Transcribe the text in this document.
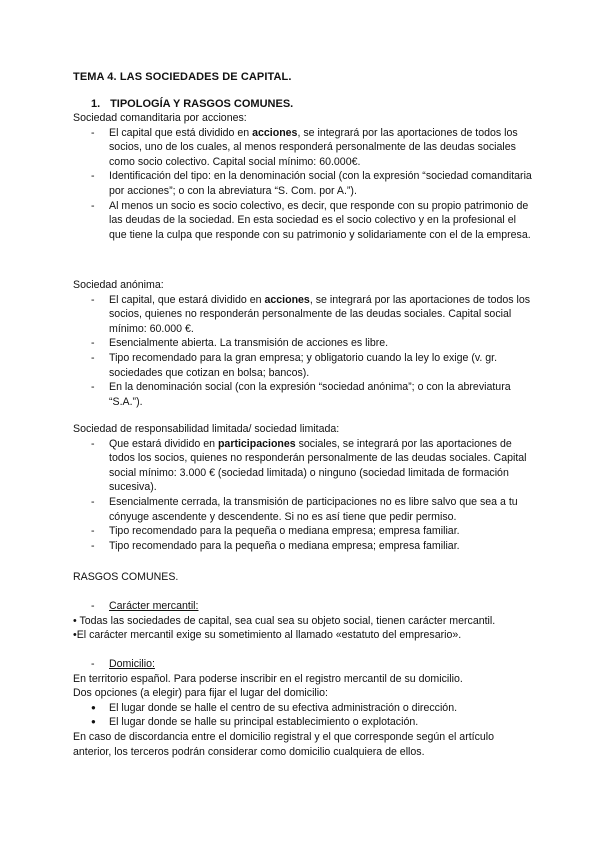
TEMA 4. LAS SOCIEDADES DE CAPITAL.
1. TIPOLOGÍA Y RASGOS COMUNES.
Sociedad comanditaria por acciones:
- El capital que está dividido en acciones, se integrará por las aportaciones de todos los socios, uno de los cuales, al menos responderá personalmente de las deudas sociales como socio colectivo. Capital social mínimo: 60.000€.
- Identificación del tipo: en la denominación social (con la expresión “sociedad comanditaria por acciones”; o con la abreviatura “S. Com. por A.”).
- Al menos un socio es socio colectivo, es decir, que responde con su propio patrimonio de las deudas de la sociedad. En esta sociedad es el socio colectivo y en la profesional el que tiene la culpa que responde con su patrimonio y solidariamente con el de la empresa.
Sociedad anónima:
- El capital, que estará dividido en acciones, se integrará por las aportaciones de todos los socios, quienes no responderán personalmente de las deudas sociales. Capital social mínimo: 60.000 €.
- Esencialmente abierta. La transmisión de acciones es libre.
- Tipo recomendado para la gran empresa; y obligatorio cuando la ley lo exige (v. gr. sociedades que cotizan en bolsa; bancos).
- En la denominación social (con la expresión “sociedad anónima”; o con la abreviatura “S.A.”).
Sociedad de responsabilidad limitada/ sociedad limitada:
- Que estará dividido en participaciones sociales, se integrará por las aportaciones de todos los socios, quienes no responderán personalmente de las deudas sociales. Capital social mínimo: 3.000 € (sociedad limitada) o ninguno (sociedad limitada de formación sucesiva).
- Esencialmente cerrada, la transmisión de participaciones no es libre salvo que sea a tu cónyuge ascendente y descendente. Si no es así tiene que pedir permiso.
- Tipo recomendado para la pequeña o mediana empresa; empresa familiar.
- Tipo recomendado para la pequeña o mediana empresa; empresa familiar.
RASGOS COMUNES.
- Carácter mercantil:

• Todas las sociedades de capital, sea cual sea su objeto social, tienen carácter mercantil.

•El carácter mercantil exige su sometimiento al llamado «estatuto del empresario».

- Domicilio:

En territorio español. Para poderse inscribir en el registro mercantil de su domicilio.

Dos opciones (a elegir) para fijar el lugar del domicilio:

● El lugar donde se halle el centro de su efectiva administración o dirección.
● El lugar donde se halle su principal establecimiento o explotación.

En caso de discordancia entre el domicilio registral y el que corresponde según el artículo anterior, los terceros podrán considerar como domicilio cualquiera de ellos.
